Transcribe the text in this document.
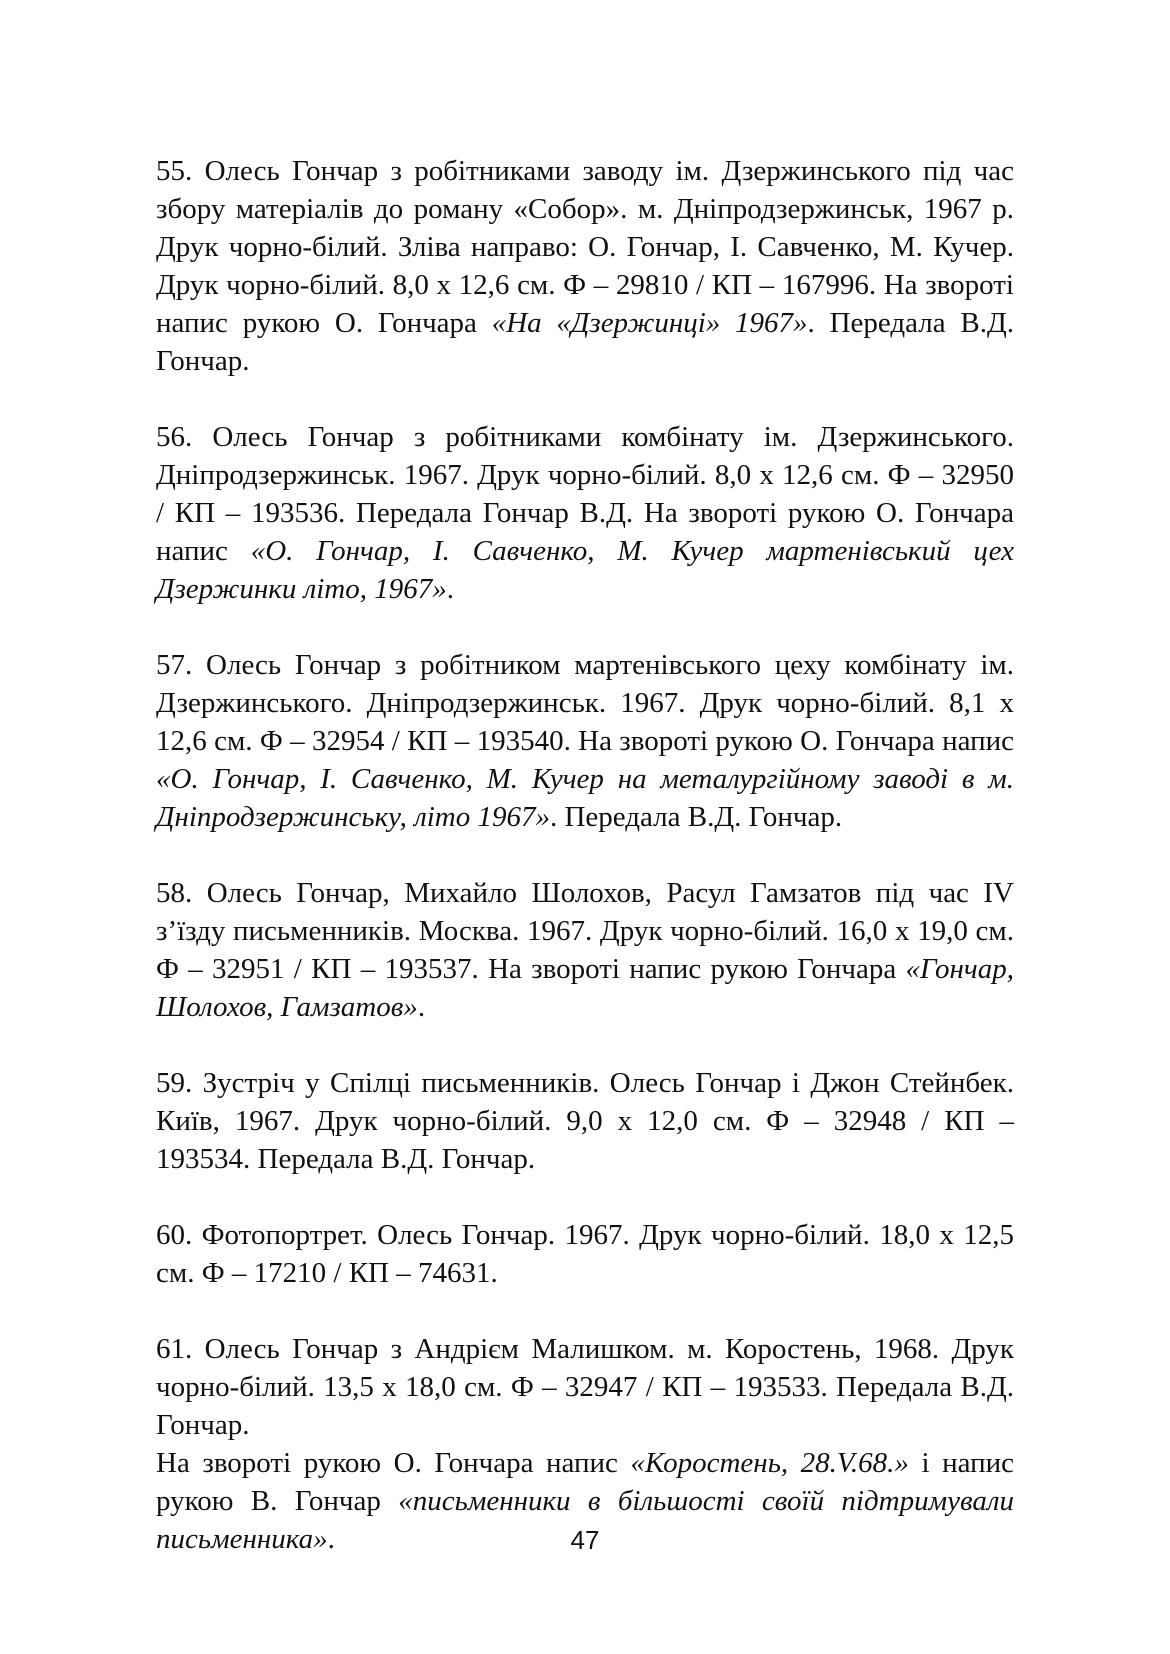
55. Олесь Гончар з робітниками заводу ім. Дзержинського під час збору матеріалів до роману «Собор». м. Дніпродзержинськ, 1967 р. Друк чорно-білий. Зліва направо: О. Гончар, І. Савченко, М. Кучер. Друк чорно-білий. 8,0 х 12,6 см. Ф – 29810 / КП – 167996. На звороті напис рукою О. Гончара «На «Дзержинці» 1967». Передала В.Д. Гончар.

56. Олесь Гончар з робітниками комбінату ім. Дзержинського. Дніпродзержинськ. 1967. Друк чорно-білий. 8,0 х 12,6 см. Ф – 32950 / КП – 193536. Передала Гончар В.Д. На звороті рукою О. Гончара напис «О. Гончар, І. Савченко, М. Кучер мартенівський цех Дзержинки літо, 1967».

57. Олесь Гончар з робітником мартенівського цеху комбінату ім. Дзержинського. Дніпродзержинськ. 1967. Друк чорно-білий. 8,1 х 12,6 см. Ф – 32954 / КП – 193540. На звороті рукою О. Гончара напис «О. Гончар, І. Савченко, М. Кучер на металургійному заводі в м. Дніпродзержинську, літо 1967». Передала В.Д. Гончар.

58. Олесь Гончар, Михайло Шолохов, Расул Гамзатов під час IV з’їзду письменників. Москва. 1967. Друк чорно-білий. 16,0 х 19,0 см. Ф – 32951 / КП – 193537. На звороті напис рукою Гончара «Гончар, Шолохов, Гамзатов».

59. Зустріч у Спілці письменників. Олесь Гончар і Джон Стейнбек. Київ, 1967. Друк чорно-білий. 9,0 х 12,0 см. Ф – 32948 / КП – 193534. Передала В.Д. Гончар.

60. Фотопортрет. Олесь Гончар. 1967. Друк чорно-білий. 18,0 х 12,5 см. Ф – 17210 / КП – 74631.

61. Олесь Гончар з Андрієм Малишком. м. Коростень, 1968. Друк чорно-білий. 13,5 х 18,0 см. Ф – 32947 / КП – 193533. Передала В.Д. Гончар.

На звороті рукою О. Гончара напис «Коростень, 28.V.68.» і напис рукою В. Гончар «письменники в більшості своїй підтримували письменника».	47
